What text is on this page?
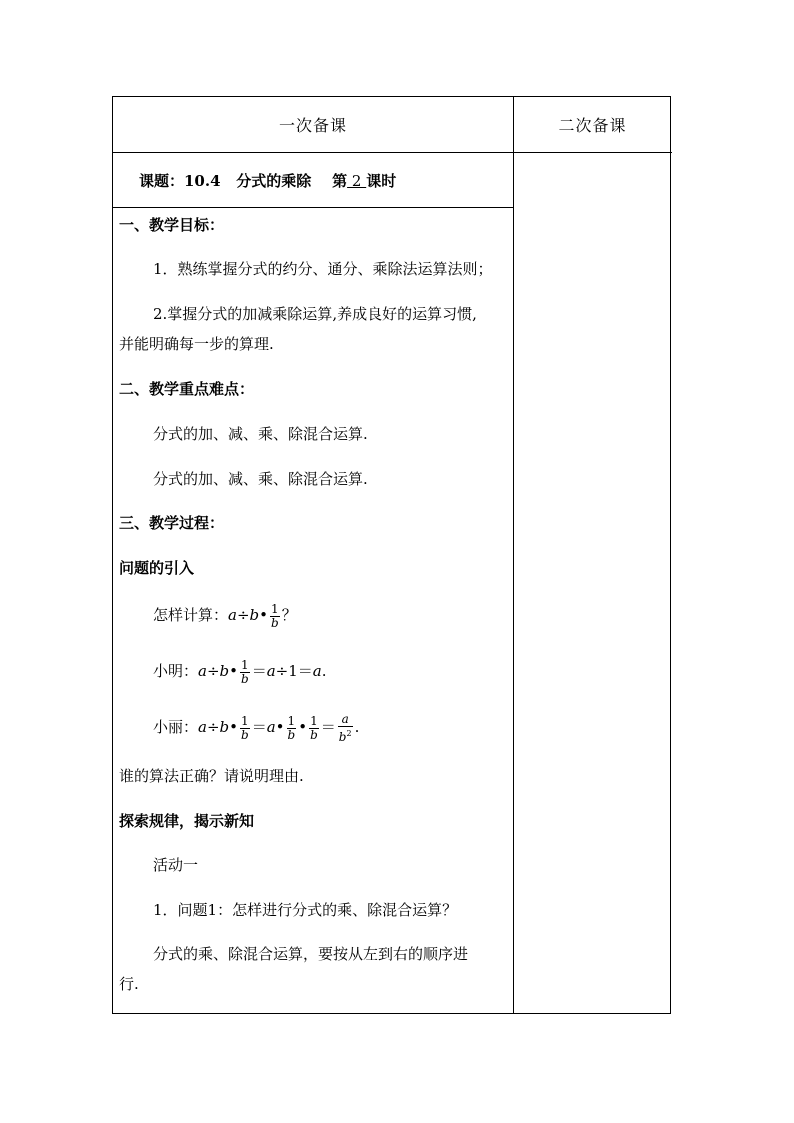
一次备课	二次备课
课题：10.4   分式的乘除    第 2 课时
一、教学目标：
1．熟练掌握分式的约分、通分、乘除法运算法则；
2.掌握分式的加减乘除运算,养成良好的运算习惯,
并能明确每一步的算理.
二、教学重点难点：
分式的加、减、乘、除混合运算.
分式的加、减、乘、除混合运算.
三、教学过程：
问题的引入
怎样计算：a÷b• $\frac{1}{b}$ ？
小明：a÷b• $\frac{1}{b} =a\div 1=a$.
小丽：a÷b• $\frac{1}{b}$ ＝a• $\frac{1}{b}$ • $\frac{1}{b} = \frac{a}{b^2}$ .
谁的算法正确？请说明理由.
探索规律，揭示新知
活动一
1．问题1：怎样进行分式的乘、除混合运算？
分式的乘、除混合运算，要按从左到右的顺序进
行.
